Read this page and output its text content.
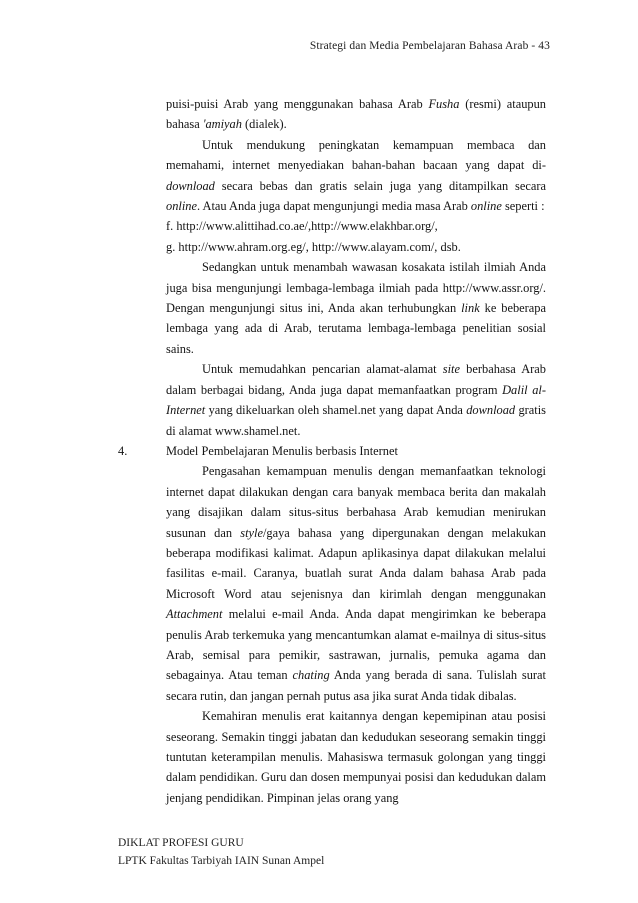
Strategi dan Media Pembelajaran Bahasa Arab - 43

puisi-puisi Arab yang menggunakan bahasa Arab Fusha (resmi) ataupun bahasa 'amiyah (dialek).

Untuk mendukung peningkatan kemampuan membaca dan memahami, internet menyediakan bahan-bahan bacaan yang dapat di-download secara bebas dan gratis selain juga yang ditampilkan secara online. Atau Anda juga dapat mengunjungi media masa Arab online seperti :

f. http://www.alittihad.co.ae/,http://www.elakhbar.org/,

g. http://www.ahram.org.eg/, http://www.alayam.com/, dsb.

Sedangkan untuk menambah wawasan kosakata istilah ilmiah Anda juga bisa mengunjungi lembaga-lembaga ilmiah pada http://www.assr.org/. Dengan mengunjungi situs ini, Anda akan terhubungkan link ke beberapa lembaga yang ada di Arab, terutama lembaga-lembaga penelitian sosial sains.

Untuk memudahkan pencarian alamat-alamat site berbahasa Arab dalam berbagai bidang, Anda juga dapat memanfaatkan program Dalil al-Internet yang dikeluarkan oleh shamel.net yang dapat Anda download gratis di alamat www.shamel.net.

4.	Model Pembelajaran Menulis berbasis Internet

Pengasahan kemampuan menulis dengan memanfaatkan teknologi internet dapat dilakukan dengan cara banyak membaca berita dan makalah yang disajikan dalam situs-situs berbahasa Arab kemudian menirukan susunan dan style/gaya bahasa yang dipergunakan dengan melakukan beberapa modifikasi kalimat. Adapun aplikasinya dapat dilakukan melalui fasilitas e-mail. Caranya, buatlah surat Anda dalam bahasa Arab pada Microsoft Word atau sejenisnya dan kirimlah dengan menggunakan Attachment melalui e-mail Anda. Anda dapat mengirimkan ke beberapa penulis Arab terkemuka yang mencantumkan alamat e-mailnya di situs-situs Arab, semisal para pemikir, sastrawan, jurnalis, pemuka agama dan sebagainya. Atau teman chating Anda yang berada di sana. Tulislah surat secara rutin, dan jangan pernah putus asa jika surat Anda tidak dibalas.

Kemahiran menulis erat kaitannya dengan kepemipinan atau posisi seseorang. Semakin tinggi jabatan dan kedudukan seseorang semakin tinggi tuntutan keterampilan menulis. Mahasiswa termasuk golongan yang tinggi dalam pendidikan. Guru dan dosen mempunyai posisi dan kedudukan dalam jenjang pendidikan. Pimpinan jelas orang yang

DIKLAT PROFESI GURU
LPTK Fakultas Tarbiyah IAIN Sunan Ampel
